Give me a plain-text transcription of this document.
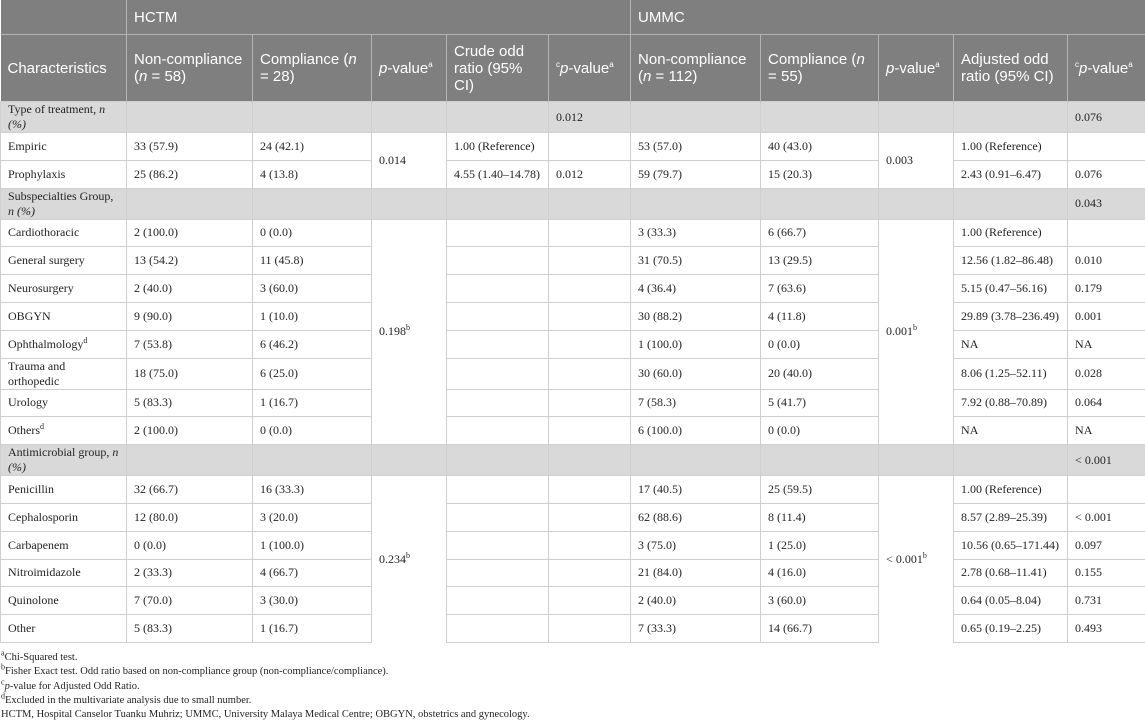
	HCTM					UMMC				
Characteristics	Non-compliance (n = 58)	Compliance (n = 28)	p-value$^a$	Crude odd ratio (95% CI)	$^c$p-value$^a$	Non-compliance (n = 112)	Compliance (n = 55)	p-value$^a$	Adjusted odd ratio (95% CI)	$^c$p-value$^a$
Type of treatment, n (%)					0.012					0.076
Empiric	33 (57.9)	24 (42.1)	0.014	1.00 (Reference)		53 (57.0)	40 (43.0)	0.003	1.00 (Reference)	
Prophylaxis	25 (86.2)	4 (13.8)		4.55 (1.40–14.78)	0.012	59 (79.7)	15 (20.3)		2.43 (0.91–6.47)	0.076
Subspecialties Group, n (%)										0.043
Cardiothoracic	2 (100.0)	0 (0.0)	0.198$^b$			3 (33.3)	6 (66.7)	0.001$^b$	1.00 (Reference)	
General surgery	13 (54.2)	11 (45.8)				31 (70.5)	13 (29.5)		12.56 (1.82–86.48)	0.010
Neurosurgery	2 (40.0)	3 (60.0)				4 (36.4)	7 (63.6)		5.15 (0.47–56.16)	0.179
OBGYN	9 (90.0)	1 (10.0)				30 (88.2)	4 (11.8)		29.89 (3.78–236.49)	0.001
Ophthalmology$^d$	7 (53.8)	6 (46.2)				1 (100.0)	0 (0.0)		NA	NA
Trauma and orthopedic	18 (75.0)	6 (25.0)				30 (60.0)	20 (40.0)		8.06 (1.25–52.11)	0.028
Urology	5 (83.3)	1 (16.7)				7 (58.3)	5 (41.7)		7.92 (0.88–70.89)	0.064
Others$^d$	2 (100.0)	0 (0.0)				6 (100.0)	0 (0.0)		NA	NA
Antimicrobial group, n (%)										< 0.001
Penicillin	32 (66.7)	16 (33.3)	0.234$^b$			17 (40.5)	25 (59.5)	< 0.001$^b$	1.00 (Reference)	
Cephalosporin	12 (80.0)	3 (20.0)				62 (88.6)	8 (11.4)		8.57 (2.89–25.39)	< 0.001
Carbapenem	0 (0.0)	1 (100.0)				3 (75.0)	1 (25.0)		10.56 (0.65–171.44)	0.097
Nitroimidazole	2 (33.3)	4 (66.7)				21 (84.0)	4 (16.0)		2.78 (0.68–11.41)	0.155
Quinolone	7 (70.0)	3 (30.0)				2 (40.0)	3 (60.0)		0.64 (0.05–8.04)	0.731
Other	5 (83.3)	1 (16.7)				7 (33.3)	14 (66.7)		0.65 (0.19–2.25)	0.493
$^a$Chi-Squared test.
$^b$Fisher Exact test. Odd ratio based on non-compliance group (non-compliance/compliance).
$^c$p-value for Adjusted Odd Ratio.
$^d$Excluded in the multivariate analysis due to small number.
HCTM, Hospital Canselor Tuanku Muhriz; UMMC, University Malaya Medical Centre; OBGYN, obstetrics and gynecology.
